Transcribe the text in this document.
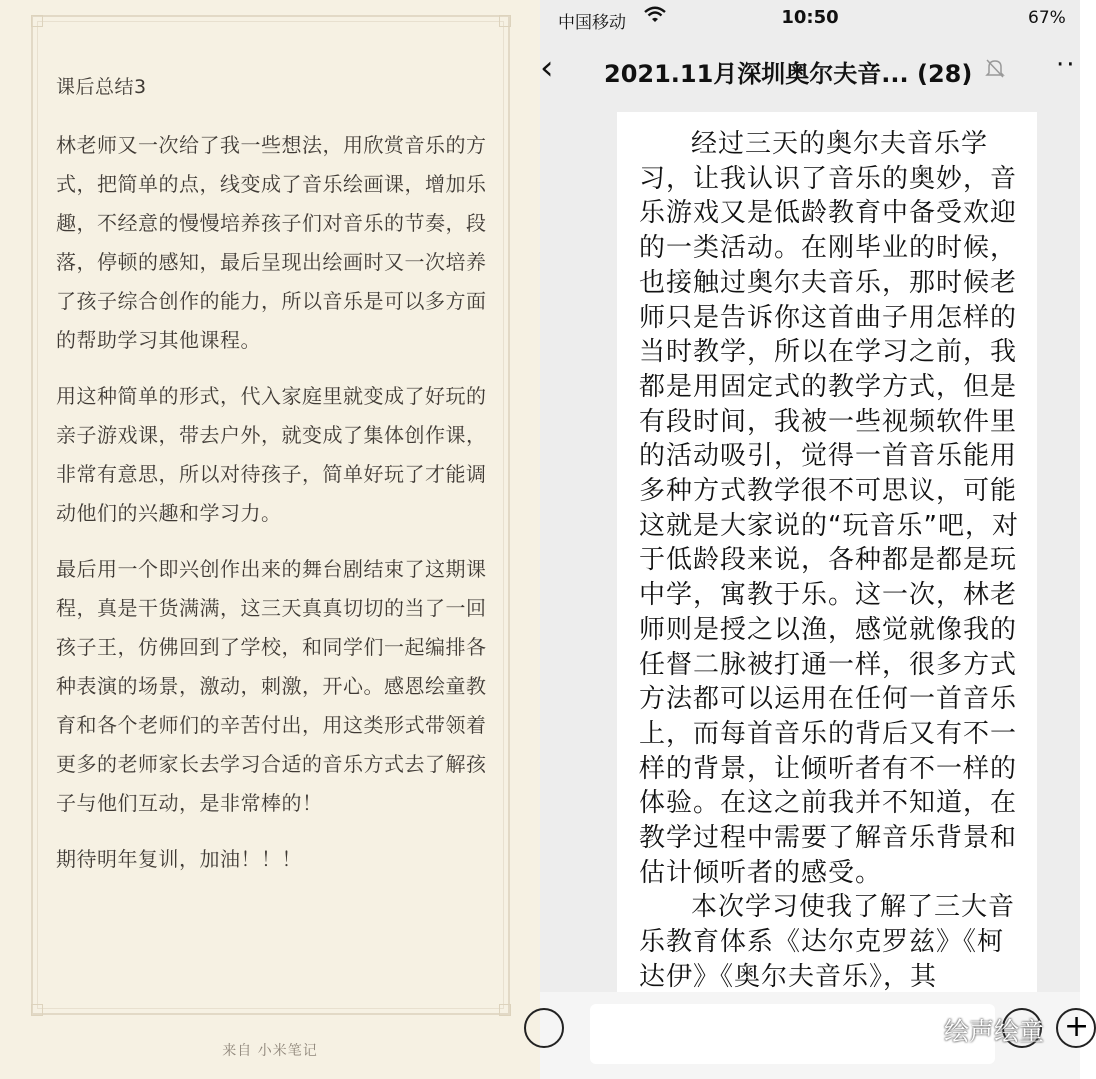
课后总结3

林老师又一次给了我一些想法，用欣赏音乐的方式，把简单的点，线变成了音乐绘画课，增加乐趣，不经意的慢慢培养孩子们对音乐的节奏，段落，停顿的感知，最后呈现出绘画时又一次培养了孩子综合创作的能力，所以音乐是可以多方面的帮助学习其他课程。

用这种简单的形式，代入家庭里就变成了好玩的亲子游戏课，带去户外，就变成了集体创作课，非常有意思，所以对待孩子，简单好玩了才能调动他们的兴趣和学习力。

最后用一个即兴创作出来的舞台剧结束了这期课程，真是干货满满，这三天真真切切的当了一回孩子王，仿佛回到了学校，和同学们一起编排各种表演的场景，激动，刺激，开心。感恩绘童教育和各个老师们的辛苦付出，用这类形式带领着更多的老师家长去学习合适的音乐方式去了解孩子与他们互动，是非常棒的！

期待明年复训，加油！！！

来自 小米笔记
中国移动	10:50	67%
‹ 2021.11月深圳奥尔夫音... (28)	··

经过三天的奥尔夫音乐学习，让我认识了音乐的奥妙，音乐游戏又是低龄教育中备受欢迎的一类活动。在刚毕业的时候，也接触过奥尔夫音乐，那时候老师只是告诉你这首曲子用怎样的当时教学，所以在学习之前，我都是用固定式的教学方式，但是有段时间，我被一些视频软件里的活动吸引，觉得一首音乐能用多种方式教学很不可思议，可能这就是大家说的“玩音乐”吧，对于低龄段来说，各种都是都是玩中学，寓教于乐。这一次，林老师则是授之以渔，感觉就像我的任督二脉被打通一样，很多方式方法都可以运用在任何一首音乐上，而每首音乐的背后又有不一样的背景，让倾听者有不一样的体验。在这之前我并不知道，在教学过程中需要了解音乐背景和估计倾听者的感受。

本次学习使我了解了三大音乐教育体系《达尔克罗兹》《柯达伊》《奥尔夫音乐》，其

+
绘声绘童
